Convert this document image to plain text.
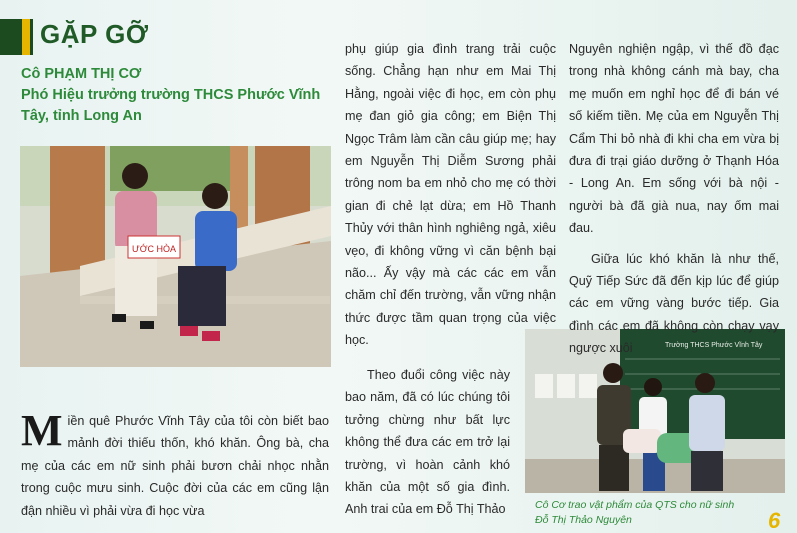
GẶP GỠ
Cô PHẠM THỊ CƠ
Phó Hiệu trưởng trường THCS Phước Vĩnh Tây, tỉnh Long An
ƯỚC HÒA
Trường THCS Phước Vĩnh Tây
Cô Cơ trao vật phẩm của QTS cho nữ sinh
Đỗ Thị Thảo Nguyên

phụ giúp gia đình trang trải cuộc sống. Chẳng hạn như em Mai Thị Hằng, ngoài việc đi học, em còn phụ mẹ đan giỏ gia công; em Biện Thị Ngọc Trâm làm cần câu giúp mẹ; hay em Nguyễn Thị Diễm Sương phải trông nom ba em nhỏ cho mẹ có thời gian đi chẻ lạt dừa; em Hồ Thanh Thủy với thân hình nghiêng ngả, xiêu vẹo, đi không vững vì căn bệnh bại não... Ấy vậy mà các các em vẫn chăm chỉ đến trường, vẫn vững nhận thức được tầm quan trọng của việc học.

Theo đuổi công việc này bao năm, đã có lúc chúng tôi tưởng chừng như bất lực không thể đưa các em trở lại trường, vì hoàn cảnh khó khăn của một số gia đình. Anh trai của em Đỗ Thị Thảo

Nguyên nghiện ngập, vì thế đồ đạc trong nhà không cánh mà bay, cha mẹ muốn em nghỉ học để đi bán vé số kiếm tiền. Mẹ của em Nguyễn Thị Cẩm Thi bỏ nhà đi khi cha em vừa bị đưa đi trại giáo dưỡng ở Thạnh Hóa - Long An. Em sống với bà nội - người bà đã già nua, nay ốm mai đau.

Giữa lúc khó khăn là như thế, Quỹ Tiếp Sức đã đến kịp lúc để giúp các em vững vàng bước tiếp. Gia đình các em đã không còn chạy vạy ngược xuôi

Miền quê Phước Vĩnh Tây của tôi còn biết bao mảnh đời thiếu thốn, khó khăn. Ông bà, cha mẹ của các em nữ sinh phải bươn chải nhọc nhằn trong cuộc mưu sinh. Cuộc đời của các em cũng lận đận nhiều vì phải vừa đi học vừa	6
